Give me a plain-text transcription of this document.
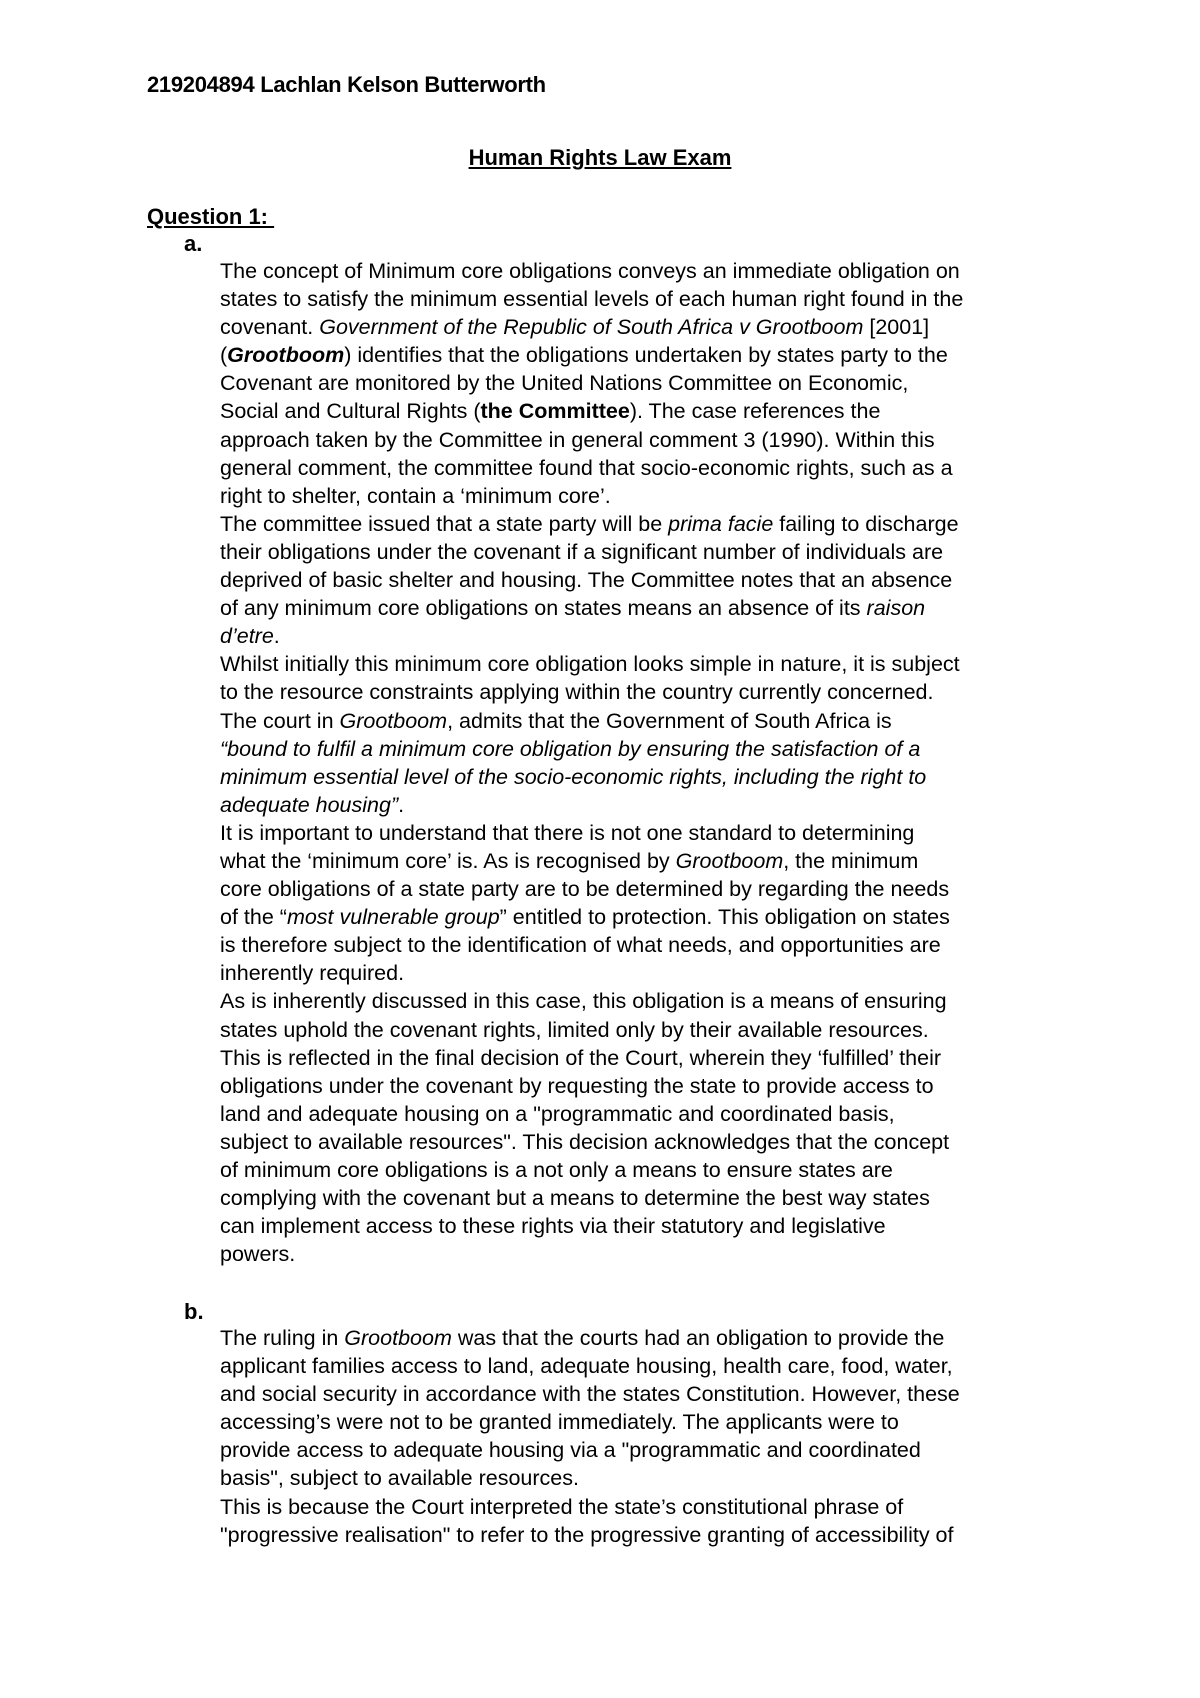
219204894 Lachlan Kelson Butterworth
Human Rights Law Exam
Question 1:
a.
The concept of Minimum core obligations conveys an immediate obligation on
states to satisfy the minimum essential levels of each human right found in the
covenant. Government of the Republic of South Africa v Grootboom [2001]
(Grootboom) identifies that the obligations undertaken by states party to the
Covenant are monitored by the United Nations Committee on Economic,
Social and Cultural Rights (the Committee). The case references the
approach taken by the Committee in general comment 3 (1990). Within this
general comment, the committee found that socio-economic rights, such as a
right to shelter, contain a ‘minimum core’.
The committee issued that a state party will be prima facie failing to discharge
their obligations under the covenant if a significant number of individuals are
deprived of basic shelter and housing. The Committee notes that an absence
of any minimum core obligations on states means an absence of its raison
d’etre.
Whilst initially this minimum core obligation looks simple in nature, it is subject
to the resource constraints applying within the country currently concerned.
The court in Grootboom, admits that the Government of South Africa is
“bound to fulfil a minimum core obligation by ensuring the satisfaction of a
minimum essential level of the socio-economic rights, including the right to
adequate housing”.
It is important to understand that there is not one standard to determining
what the ‘minimum core’ is. As is recognised by Grootboom, the minimum
core obligations of a state party are to be determined by regarding the needs
of the “most vulnerable group” entitled to protection. This obligation on states
is therefore subject to the identification of what needs, and opportunities are
inherently required.
As is inherently discussed in this case, this obligation is a means of ensuring
states uphold the covenant rights, limited only by their available resources.
This is reflected in the final decision of the Court, wherein they ‘fulfilled’ their
obligations under the covenant by requesting the state to provide access to
land and adequate housing on a "programmatic and coordinated basis,
subject to available resources". This decision acknowledges that the concept
of minimum core obligations is a not only a means to ensure states are
complying with the covenant but a means to determine the best way states
can implement access to these rights via their statutory and legislative
powers.
b.
The ruling in Grootboom was that the courts had an obligation to provide the
applicant families access to land, adequate housing, health care, food, water,
and social security in accordance with the states Constitution. However, these
accessing’s were not to be granted immediately. The applicants were to
provide access to adequate housing via a "programmatic and coordinated
basis", subject to available resources.
This is because the Court interpreted the state’s constitutional phrase of
"progressive realisation" to refer to the progressive granting of accessibility of
